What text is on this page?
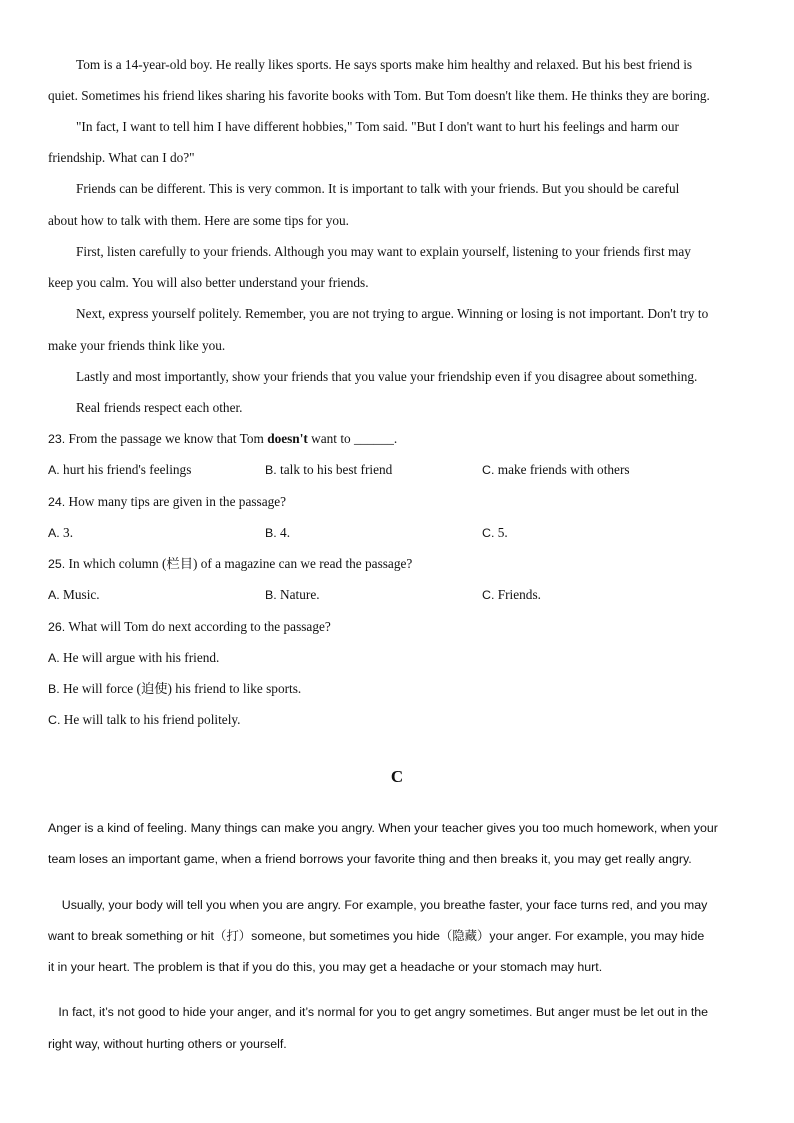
Tom is a 14-year-old boy. He really likes sports. He says sports make him healthy and relaxed. But his best friend is
quiet. Sometimes his friend likes sharing his favorite books with Tom. But Tom doesn't like them. He thinks they are boring.
"In fact, I want to tell him I have different hobbies," Tom said. "But I don't want to hurt his feelings and harm our
friendship. What can I do?"
Friends can be different. This is very common. It is important to talk with your friends. But you should be careful
about how to talk with them. Here are some tips for you.
First, listen carefully to your friends. Although you may want to explain yourself, listening to your friends first may
keep you calm. You will also better understand your friends.
Next, express yourself politely. Remember, you are not trying to argue. Winning or losing is not important. Don't try to
make your friends think like you.
Lastly and most importantly, show your friends that you value your friendship even if you disagree about something.
Real friends respect each other.
23. From the passage we know that Tom doesn't want to ______.
A. hurt his friend's feelings	B. talk to his best friend	C. make friends with others
24. How many tips are given in the passage?
A. 3.	B. 4.	C. 5.
25. In which column (栏目) of a magazine can we read the passage?
A. Music.	B. Nature.	C. Friends.
26. What will Tom do next according to the passage?
A. He will argue with his friend.
B. He will force (迫使) his friend to like sports.
C. He will talk to his friend politely.
C
Anger is a kind of feeling. Many things can make you angry. When your teacher gives you too much homework, when your
team loses an important game, when a friend borrows your favorite thing and then breaks it, you may get really angry.
Usually, your body will tell you when you are angry. For example, you breathe faster, your face turns red, and you may
want to break something or hit（打）someone, but sometimes you hide（隐藏）your anger. For example, you may hide
it in your heart. The problem is that if you do this, you may get a headache or your stomach may hurt.
In fact, it’s not good to hide your anger, and it’s normal for you to get angry sometimes. But anger must be let out in the
right way, without hurting others or yourself.
